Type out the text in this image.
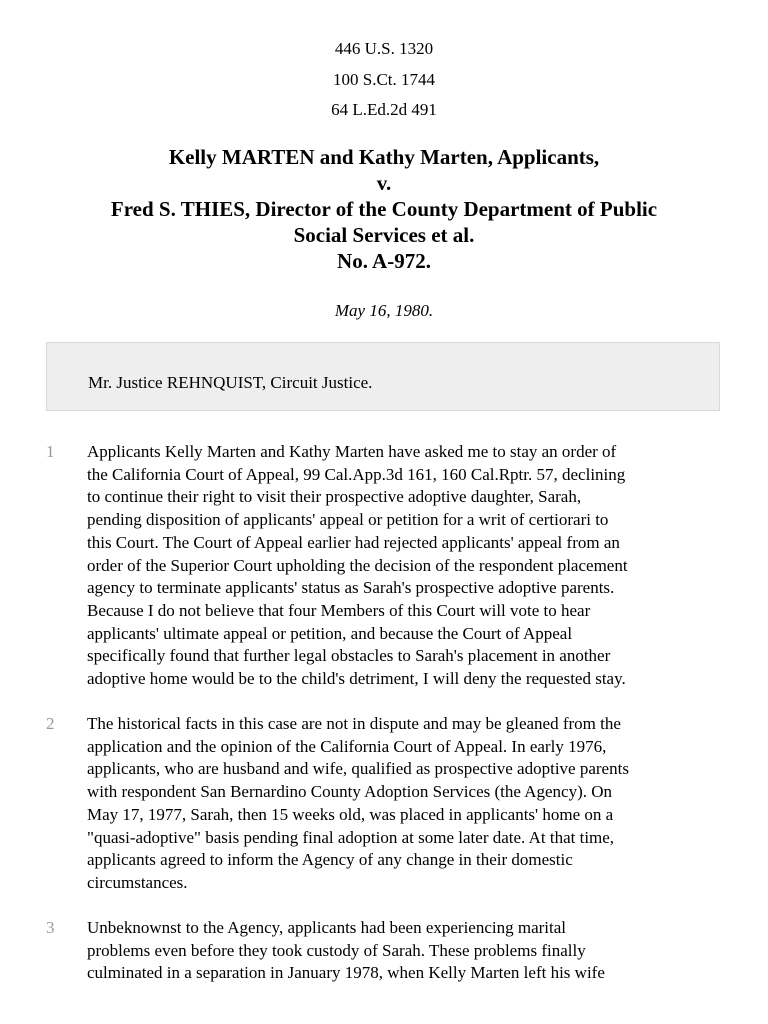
446 U.S. 1320
100 S.Ct. 1744
64 L.Ed.2d 491
Kelly MARTEN and Kathy Marten, Applicants,
v.
Fred S. THIES, Director of the County Department of Public
Social Services et al.
No. A-972.
May 16, 1980.
Mr. Justice REHNQUIST, Circuit Justice.
1 Applicants Kelly Marten and Kathy Marten have asked me to stay an order of
the California Court of Appeal, 99 Cal.App.3d 161, 160 Cal.Rptr. 57, declining
to continue their right to visit their prospective adoptive daughter, Sarah,
pending disposition of applicants' appeal or petition for a writ of certiorari to
this Court. The Court of Appeal earlier had rejected applicants' appeal from an
order of the Superior Court upholding the decision of the respondent placement
agency to terminate applicants' status as Sarah's prospective adoptive parents.
Because I do not believe that four Members of this Court will vote to hear
applicants' ultimate appeal or petition, and because the Court of Appeal
specifically found that further legal obstacles to Sarah's placement in another
adoptive home would be to the child's detriment, I will deny the requested stay.
2 The historical facts in this case are not in dispute and may be gleaned from the
application and the opinion of the California Court of Appeal. In early 1976,
applicants, who are husband and wife, qualified as prospective adoptive parents
with respondent San Bernardino County Adoption Services (the Agency). On
May 17, 1977, Sarah, then 15 weeks old, was placed in applicants' home on a
"quasi-adoptive" basis pending final adoption at some later date. At that time,
applicants agreed to inform the Agency of any change in their domestic
circumstances.
3 Unbeknownst to the Agency, applicants had been experiencing marital
problems even before they took custody of Sarah. These problems finally
culminated in a separation in January 1978, when Kelly Marten left his wife
